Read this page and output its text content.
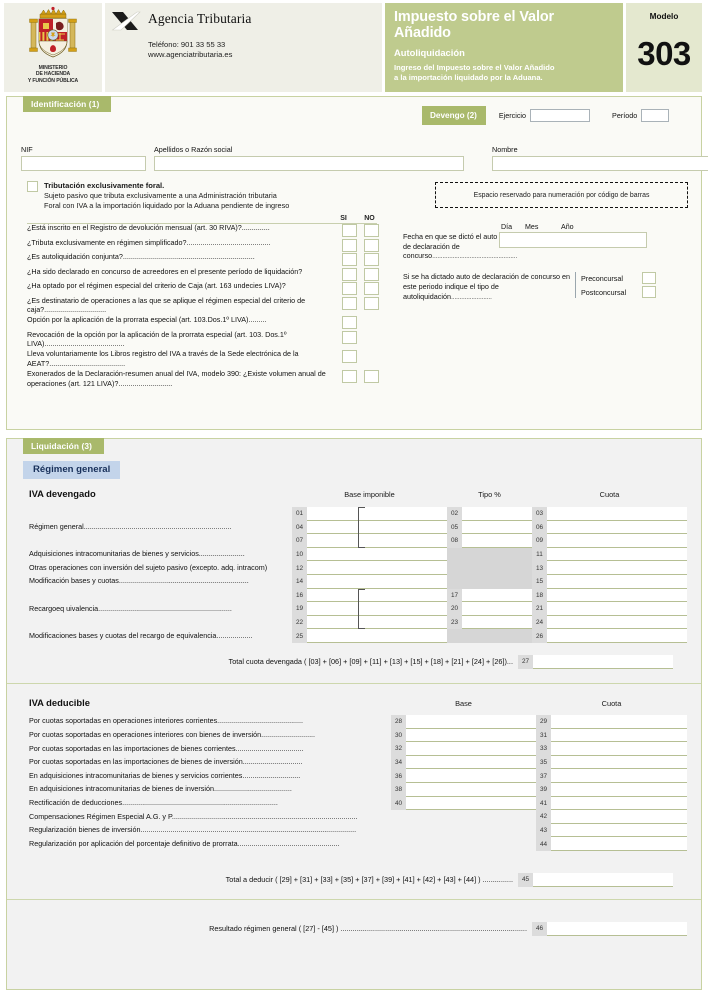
MINISTERIO
DE HACIENDA
Y FUNCIÓN PÚBLICA
Agencia Tributaria
Teléfono: 901 33 55 33
www.agenciatributaria.es
Impuesto sobre el Valor Añadido
Autoliquidación
Ingreso del Impuesto sobre el Valor Añadido
a la importación liquidado por la Aduana.
Modelo
303
Identificación (1)
Devengo (2)	Ejercicio	Período
NIF	Apellidos o Razón social	Nombre
Tributación exclusivamente foral.
Sujeto pasivo que tributa exclusivamente a una Administración tributaria
Foral con IVA a la importación liquidado por la Aduana pendiente de ingreso
Espacio reservado para numeración por código de barras
SI	NO
¿Está inscrito en el Registro de devolución mensual (art. 30 RIVA)?..............
¿Tributa exclusivamente en régimen simplificado?..........................................
¿Es autoliquidación conjunta?..................................................................
¿Ha sido declarado en concurso de acreedores en el presente período de liquidación?
¿Ha optado por el régimen especial del criterio de Caja (art. 163 undecies LIVA)?
¿Es destinatario de operaciones a las que se aplique el régimen especial del criterio de caja?...............................
Opción por la aplicación de la prorrata especial (art. 103.Dos.1º LIVA).........
Revocación de la opción por la aplicación de la prorrata especial (art. 103. Dos.1º LIVA)........................................
Lleva voluntariamente los Libros registro del IVA a través de la Sede electrónica de la AEAT?......................................
Exonerados de la Declaración-resumen anual del IVA, modelo 390: ¿Existe volumen anual de operaciones (art. 121 LIVA)?...........................
Día	Mes	Año
Fecha en que se dictó el auto de declaración de concurso..................................................
Si se ha dictado auto de declaración de concurso en este periodo indique el tipo de autoliquidación........................
Preconcursal
Postconcursal
Liquidación (3)
Régimen general
IVA devengado	Base imponible	Tipo %	Cuota
01	02	03
Régimen general..........................................................................	04	05	06
07	08	09
Adquisiciones intracomunitarias de bienes y servicios.......................	10	11
Otras operaciones con inversión del sujeto pasivo (excepto. adq. intracom)	12	13
Modificación bases y cuotas.................................................................	14	15
16	17	18
Recargoeq uivalencia...................................................................	19	20	21
22	23	24
Modificaciones bases y cuotas del recargo de equivalencia..................	25	26
Total cuota devengada ( [03] + [06] + [09] + [11] + [13] + [15] + [18] + [21] + [24] + [26])...	27
IVA deducible	Base	Cuota
Por cuotas soportadas en operaciones interiores corrientes...........................................	28	29
Por cuotas soportadas en operaciones interiores con bienes de inversión...........................	30	31
Por cuotas soportadas en las importaciones de bienes corrientes..................................	32	33
Por cuotas soportadas en las importaciones de bienes de inversión..............................	34	35
En adquisiciones intracomunitarias de bienes y servicios corrientes.............................	36	37
En adquisiciones intracomunitarias de bienes de inversión.......................................	38	39
Rectificación de deducciones..............................................................................	40	41
Compensaciones Régimen Especial A.G. y P.............................................................................................	42
Regularización bienes de inversión............................................................................................................	43
Regularización por aplicación del porcentaje definitivo de prorrata...................................................	44
Total a deducir ( [29] + [31] + [33] + [35] + [37] + [39] + [41] + [42] + [43] + [44] ) ...............	45
Resultado régimen general ( [27] - [45] ) ............................................................................................	46
